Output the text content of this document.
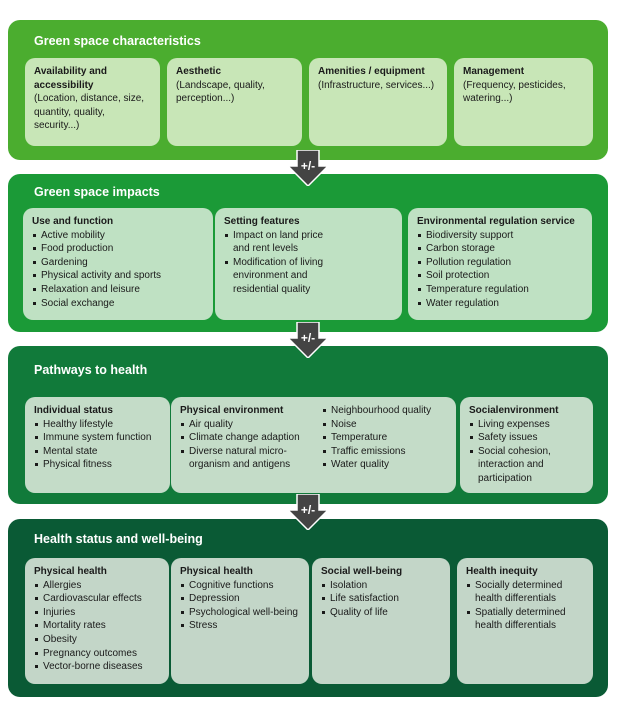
Green space characteristics
Availability and accessibility
(Location, distance, size, quantity, quality, security...)
Aesthetic
(Landscape, quality, perception...)
Amenities / equipment
(Infrastructure, services...)
Management
(Frequency, pesticides, watering...)
+/-
Green space impacts
Use and function
Active mobility
Food production
Gardening
Physical activity and sports
Relaxation and leisure
Social exchange
Setting features
Impact on land price and rent levels
Modification of living environment and residential quality
Environmental regulation service
Biodiversity support
Carbon storage
Pollution regulation
Soil protection
Temperature regulation
Water regulation
+/-
Pathways to health
Individual status
Healthy lifestyle
Immune system function
Mental state
Physical fitness
Physical environment
Air quality
Climate change adaption
Diverse natural micro-organism and antigens
Neighbourhood quality
Noise
Temperature
Traffic emissions
Water quality
Socialenvironment
Living expenses
Safety issues
Social cohesion, interaction and participation
+/-
Health status and well-being
Physical health
Allergies
Cardiovascular effects
Injuries
Mortality rates
Obesity
Pregnancy outcomes
Vector-borne diseases
Physical health
Cognitive functions
Depression
Psychological well-being
Stress
Social well-being
Isolation
Life satisfaction
Quality of life
Health inequity
Socially determined health differentials
Spatially determined health differentials
